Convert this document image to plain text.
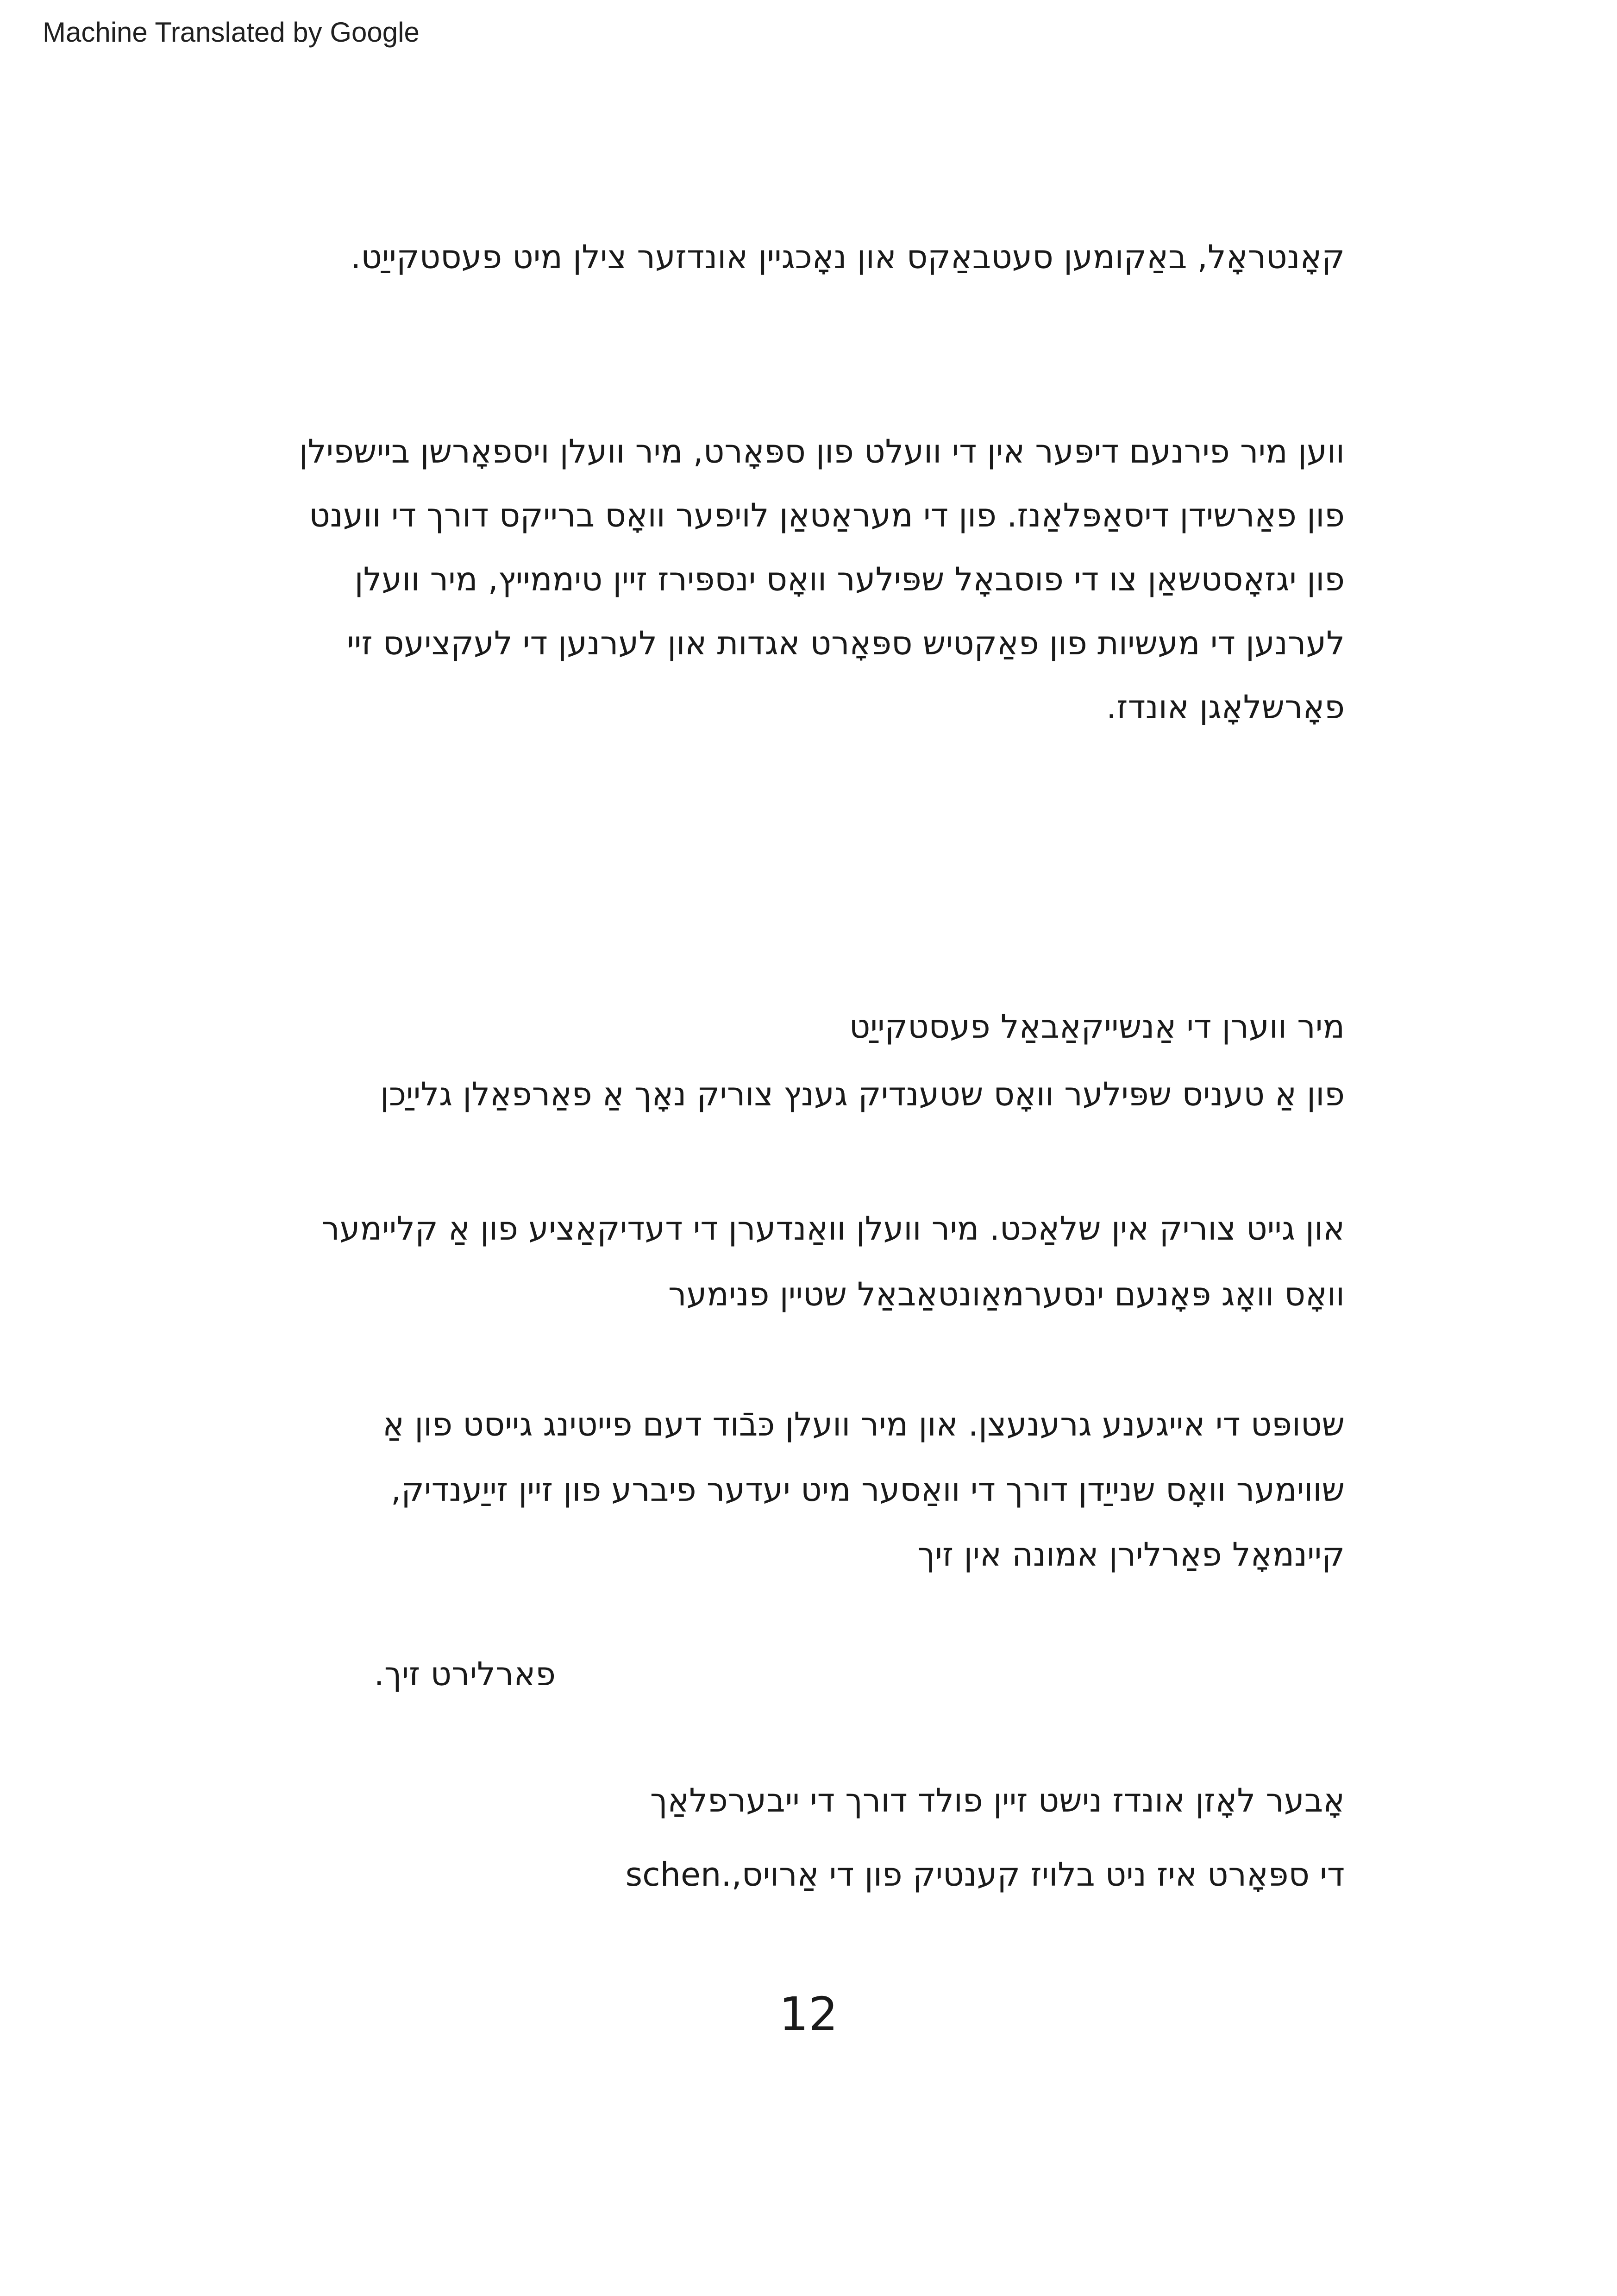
Machine Translated by Google
קאָנטראָל, באַקומען סעטבאַקס און נאָכגיין אונדזער צילן מיט פעסטקייַט.
ווען מיר פירנעם דיפּער אין די וועלט פון ספּאָרט, מיר וועלן ויספאָרשן ביישפילן
פון פאַרשידן דיסאַפּלאַנז. פון די מעראַטאַן לויפער וואָס ברייקס דורך די ווענט
פון יגזאָסטשאַן צו די פוסבאָל שפּילער וואָס ינספּירז זיין טיממייץ, מיר וועלן
לערנען די מעשיות פון פאַקטיש ספּאָרט אגדות און לערנען די לעקציעס זיי
פאָרשלאָגן אונדז.
מיר ווערן די אַנשייקאַבאַל פעסטקייַט
פון אַ טעניס שפּילער וואָס שטענדיק גענץ צוריק נאָך אַ פאַרפאַלן גלייַכן
און גייט צוריק אין שלאַכט. מיר וועלן וואַנדערן די דעדיקאַציע פון אַ קליימער
וואָס וואָג פּאָנעם ינסערמאַונטאַבאַל שטיין פנימער
שטופּט די אייגענע גרענעצן. און מיר וועלן כּבֿוד דעם פייטינג גייסט פון אַ
שווימער וואָס שנייַדן דורך די וואַסער מיט יעדער פיברע פון זיין זייַענדיק,
קיינמאָל פאַרלירן אמונה אין זיך
פארלירט זיך.
אָבער לאָזן אונדז נישט זיין פולד דורך די ייבערפלאַך
די ספּאָרט איז ניט בלויז קענטיק פון די אַרויס,schen.
12
